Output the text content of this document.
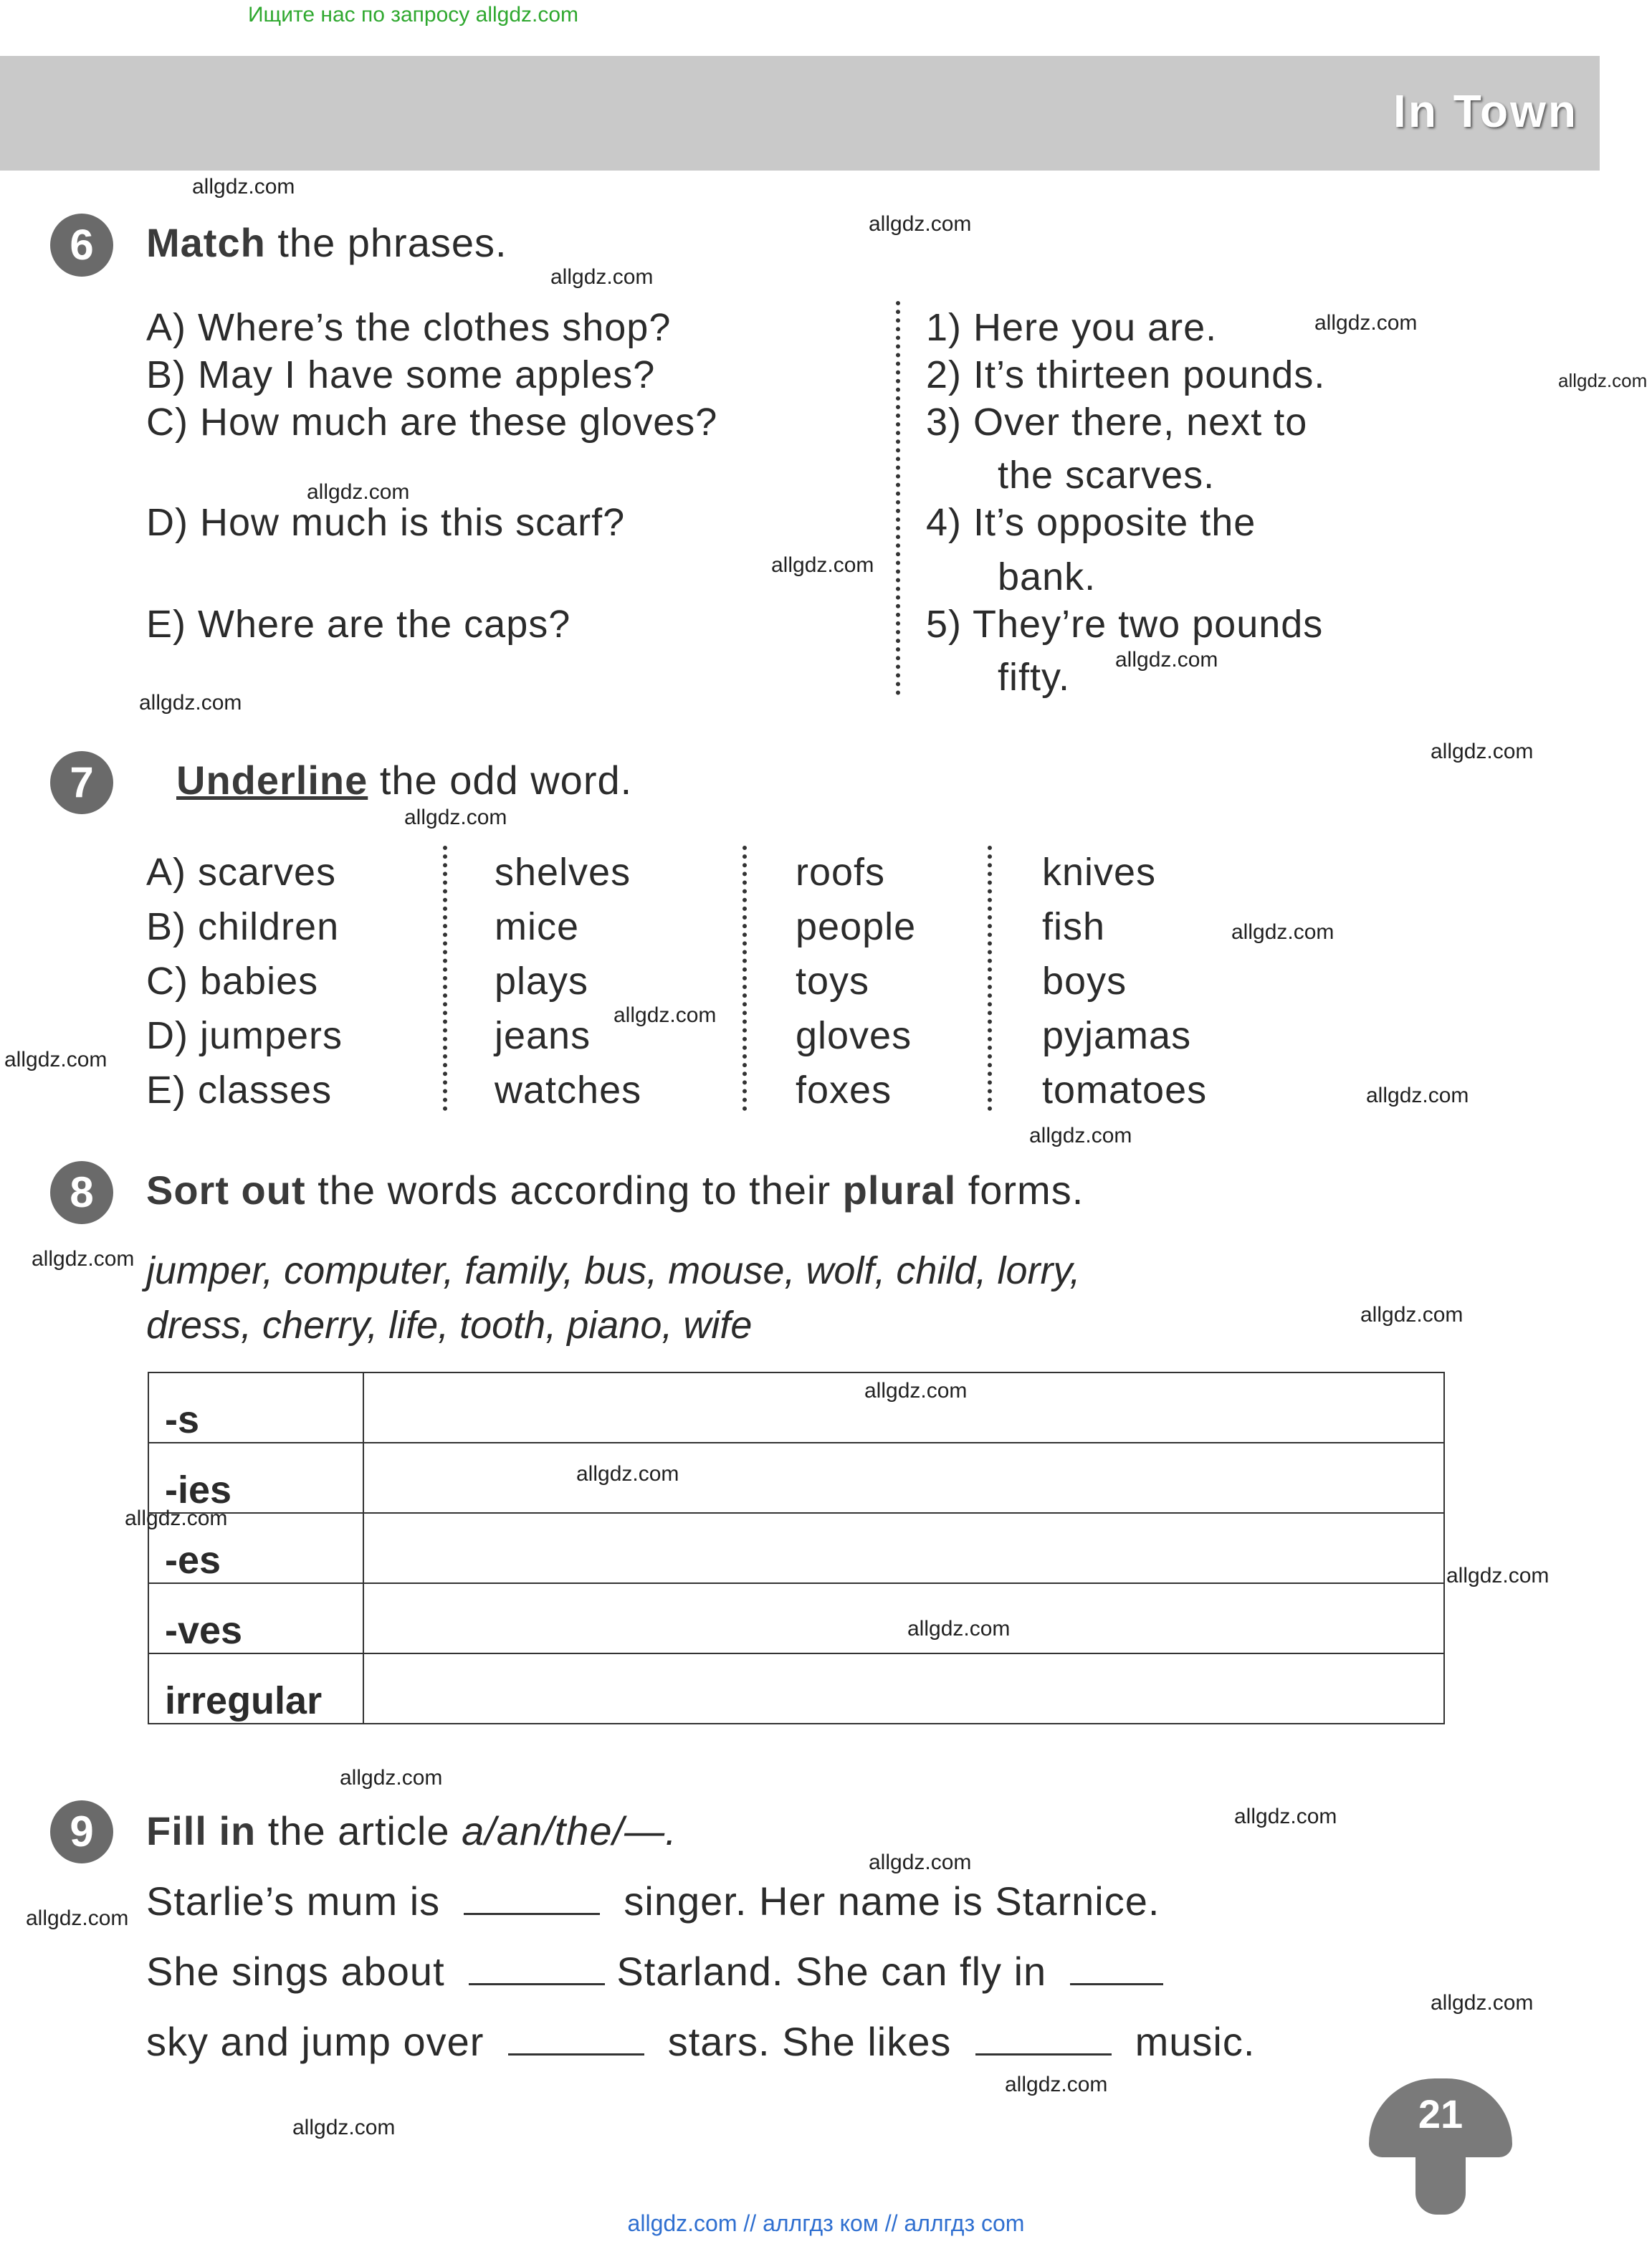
Ищите нас по запросу allgdz.com
In Town
6	Match the phrases.
A) Where’s the clothes shop?
B) May I have some apples?
C) How much are these gloves?
D) How much is this scarf?
E) Where are the caps?
1) Here you are.
2) It’s thirteen pounds.
3) Over there, next to
the scarves.
4) It’s opposite the
bank.
5) They’re two pounds
fifty.
7	Underline the odd word.
A) scarves	shelves	roofs	knives
B) children	mice	people	fish
C) babies	plays	toys	boys
D) jumpers	jeans	gloves	pyjamas
E) classes	watches	foxes	tomatoes
8	Sort out the words according to their plural forms.
jumper, computer, family, bus, mouse, wolf, child, lorry,
dress, cherry, life, tooth, piano, wife
-s	
-ies	
-es	
-ves	
irregular	
9	Fill in the article a/an/the/—.
Starlie’s mum is	singer. Her name is Starnice.
She sings about	Starland. She can fly in
sky and jump over	stars. She likes	music.
21
allgdz.com
allgdz.com
allgdz.com
allgdz.com
allgdz.com
allgdz.com
allgdz.com
allgdz.com
allgdz.com
allgdz.com
allgdz.com
allgdz.com
allgdz.com
allgdz.com
allgdz.com
allgdz.com
allgdz.com
allgdz.com
allgdz.com
allgdz.com
allgdz.com
allgdz.com
allgdz.com
allgdz.com
allgdz.com
allgdz.com
allgdz.com
allgdz.com
allgdz.com
allgdz.com
allgdz.com // аллгдз ком // аллгдз com
